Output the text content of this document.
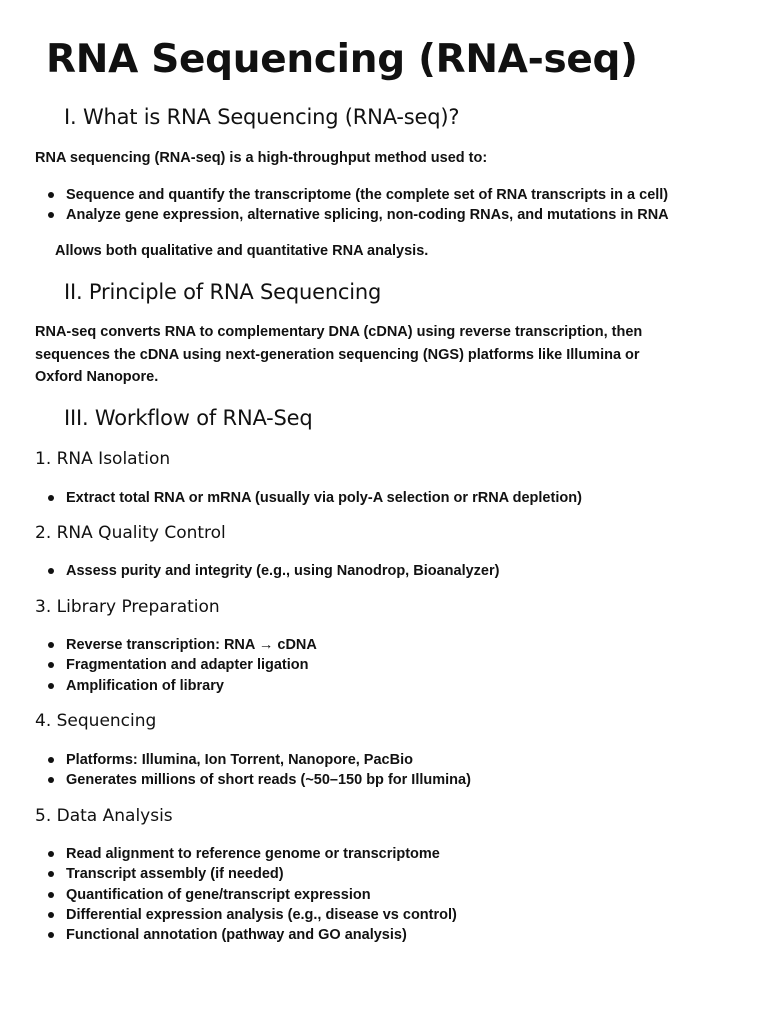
RNA Sequencing (RNA-seq)
I. What is RNA Sequencing (RNA-seq)?

RNA sequencing (RNA-seq) is a high-throughput method used to:

Sequence and quantify the transcriptome (the complete set of RNA transcripts in a cell)
Analyze gene expression, alternative splicing, non-coding RNAs, and mutations in RNA

Allows both qualitative and quantitative RNA analysis.

II. Principle of RNA Sequencing

RNA-seq converts RNA to complementary DNA (cDNA) using reverse transcription, then
sequences the cDNA using next-generation sequencing (NGS) platforms like Illumina or
Oxford Nanopore.

III. Workflow of RNA-Seq
1. RNA Isolation
Extract total RNA or mRNA (usually via poly-A selection or rRNA depletion)
2. RNA Quality Control
Assess purity and integrity (e.g., using Nanodrop, Bioanalyzer)
3. Library Preparation
Reverse transcription: RNA → cDNA
Fragmentation and adapter ligation
Amplification of library
4. Sequencing
Platforms: Illumina, Ion Torrent, Nanopore, PacBio
Generates millions of short reads (~50–150 bp for Illumina)
5. Data Analysis
Read alignment to reference genome or transcriptome
Transcript assembly (if needed)
Quantification of gene/transcript expression
Differential expression analysis (e.g., disease vs control)
Functional annotation (pathway and GO analysis)
